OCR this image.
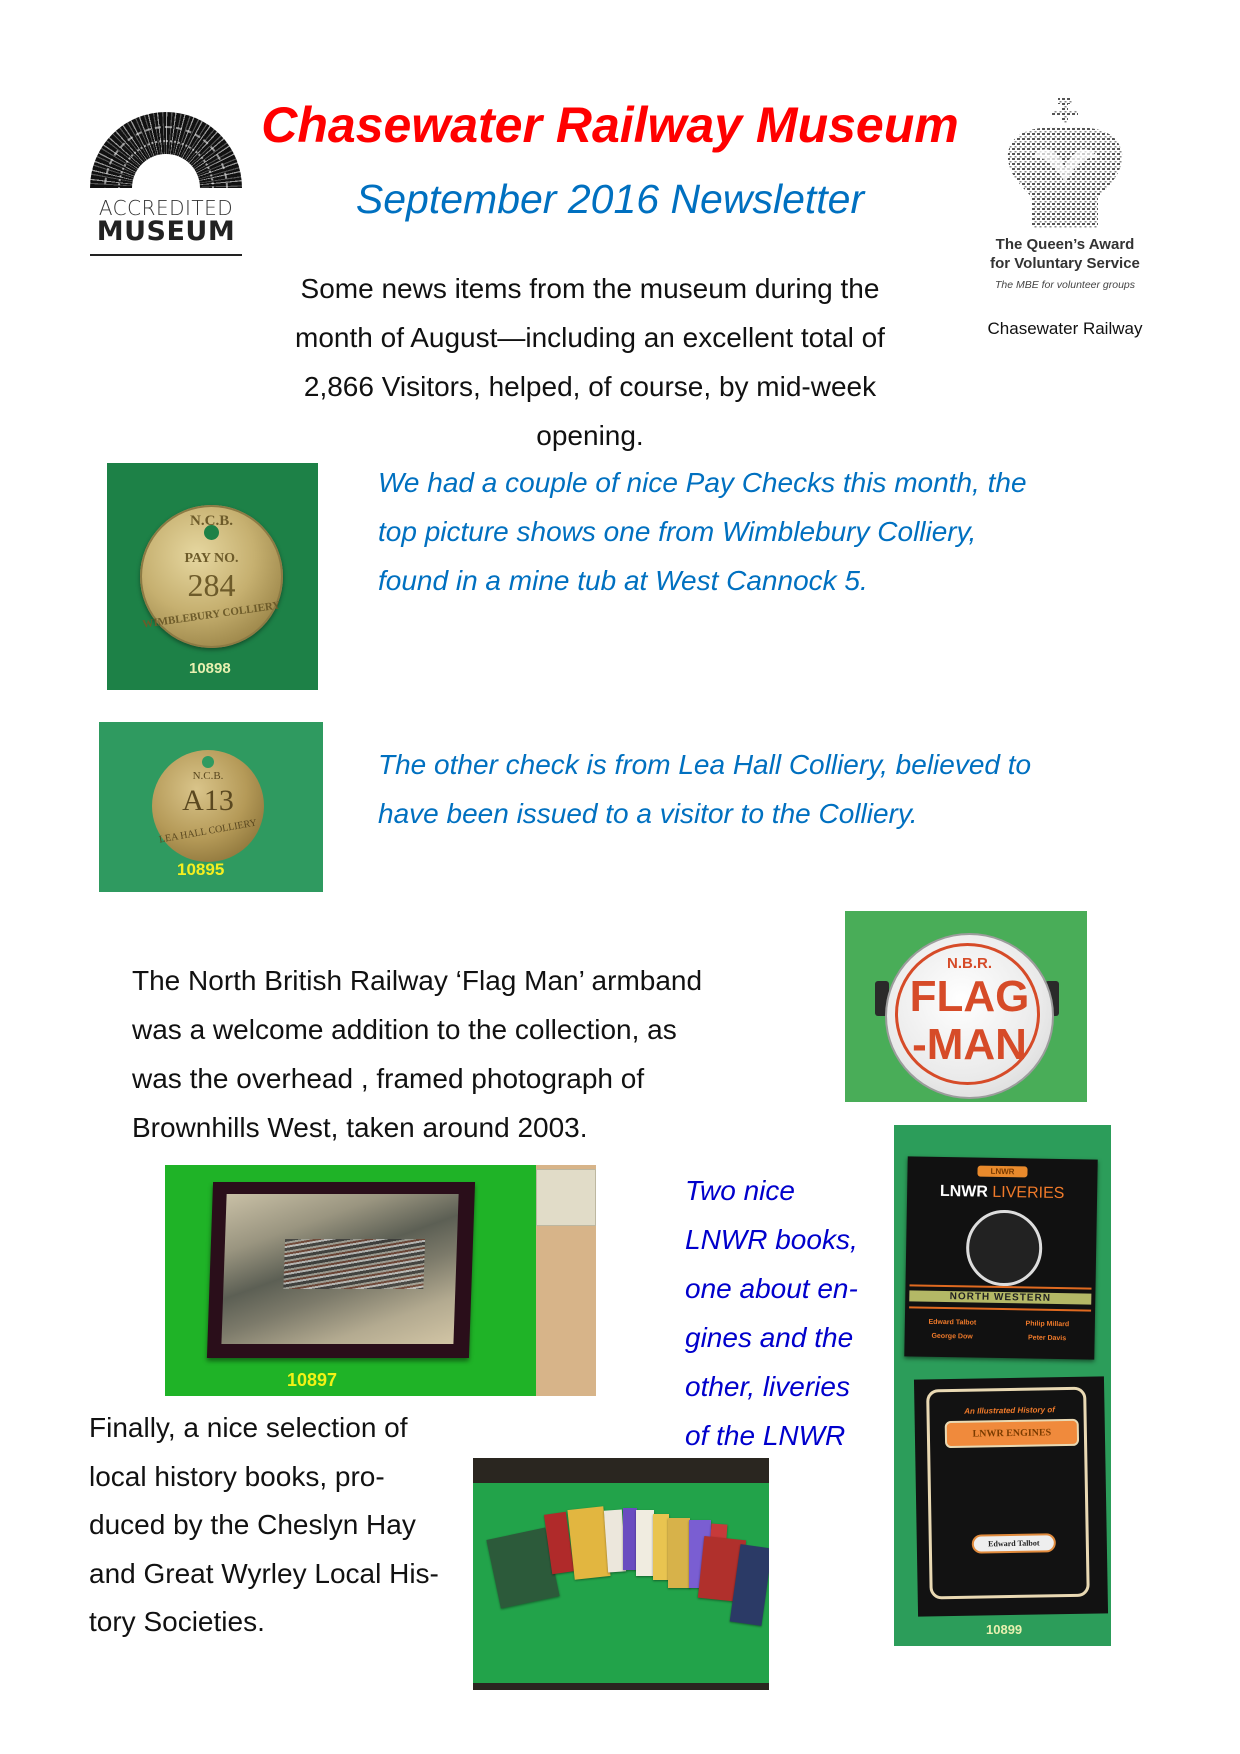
ACCREDITED
MUSEUM
Chasewater Railway Museum
September 2016 Newsletter
The Queen’s Award
for Voluntary Service
The MBE for volunteer groups
Chasewater Railway
Some news items from the museum during the
month of August—including an excellent total of
2,866 Visitors, helped, of course, by mid-week
opening.
N.C.B.
PAY NO.
284
WIMBLEBURY COLLIERY
10898
We had a couple of nice Pay Checks this month, the
top picture shows one from Wimblebury Colliery,
found in a mine tub at West Cannock 5.
N.C.B.
A13
LEA HALL COLLIERY
10895
The other check is from Lea Hall Colliery, believed to
have been issued to a visitor to the Colliery.
The North British Railway ‘Flag Man’ armband
was a welcome addition to the collection, as
was the overhead , framed photograph of
Brownhills West, taken around 2003.
N.B.R.
FLAG
-MAN
10897
Two nice
LNWR books,
one about en-
gines and the
other, liveries
of the LNWR
LNWR
LNWR LIVERIES
NORTH WESTERN
Edward Talbot	Philip Millard
George Dow	Peter Davis
An Illustrated History of
LNWR ENGINES
Edward Talbot
10899
Finally, a nice selection of
local history books, pro-
duced by the Cheslyn Hay
and Great Wyrley Local His-
tory Societies.
